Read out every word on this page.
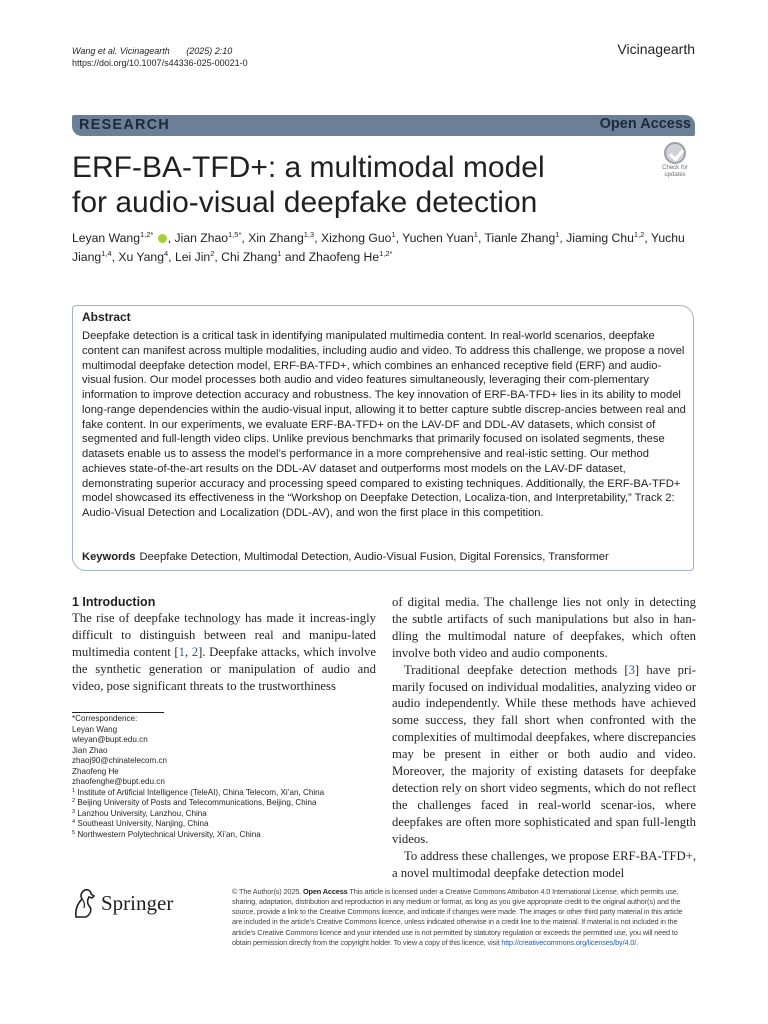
Wang et al. Vicinagearth (2025) 2:10
https://doi.org/10.1007/s44336-025-00021-0
Vicinagearth
RESEARCH	Open Access
ERF-BA-TFD+: a multimodal model
for audio-visual deepfake detection
Check for
updates
Leyan Wang$^{1,2*}$ , Jian Zhao$^{1,5*}$, Xin Zhang$^{1,3}$, Xizhong Guo$^1$, Yuchen Yuan$^1$, Tianle Zhang$^1$, Jiaming Chu$^{1,2}$, Yuchu Jiang$^{1,4}$, Xu Yang$^4$, Lei Jin$^2$, Chi Zhang$^1$ and Zhaofeng $He^{1,2*}$
Abstract
Deepfake detection is a critical task in identifying manipulated multimedia content. In real-world scenarios, deepfake content can manifest across multiple modalities, including audio and video. To address this challenge, we propose a novel multimodal deepfake detection model, ERF-BA-TFD+, which combines an enhanced receptive field (ERF) and audio-visual fusion. Our model processes both audio and video features simultaneously, leveraging their com-plementary information to improve detection accuracy and robustness. The key innovation of ERF-BA-TFD+ lies in its ability to model long-range dependencies within the audio-visual input, allowing it to better capture subtle discrep-ancies between real and fake content. In our experiments, we evaluate ERF-BA-TFD+ on the LAV-DF and DDL-AV datasets, which consist of segmented and full-length video clips. Unlike previous benchmarks that primarily focused on isolated segments, these datasets enable us to assess the model’s performance in a more comprehensive and real-istic setting. Our method achieves state-of-the-art results on the DDL-AV dataset and outperforms most models on the LAV-DF dataset, demonstrating superior accuracy and processing speed compared to existing techniques. Additionally, the ERF-BA-TFD+ model showcased its effectiveness in the “Workshop on Deepfake Detection, Localiza-tion, and Interpretability,” Track 2: Audio-Visual Detection and Localization (DDL-AV), and won the first place in this competition.
Keywords Deepfake Detection, Multimodal Detection, Audio-Visual Fusion, Digital Forensics, Transformer
1 Introduction

The rise of deepfake technology has made it increas-ingly difficult to distinguish between real and manipu-lated multimedia content [1, 2]. Deepfake attacks, which involve the synthetic generation or manipulation of audio and video, pose significant threats to the trustworthiness

of digital media. The challenge lies not only in detecting the subtle artifacts of such manipulations but also in han-dling the multimodal nature of deepfakes, which often involve both video and audio components.

Traditional deepfake detection methods [3] have pri-marily focused on individual modalities, analyzing video or audio independently. While these methods have achieved some success, they fall short when confronted with the complexities of multimodal deepfakes, where discrepancies may be present in either or both audio and video. Moreover, the majority of existing datasets for deepfake detection rely on short video segments, which do not reflect the challenges faced in real-world scenar-ios, where deepfakes are often more sophisticated and span full-length videos.

To address these challenges, we propose ERF-BA-TFD+, a novel multimodal deepfake detection model

*Correspondence:
Leyan Wang
wleyan@bupt.edu.cn
Jian Zhao
zhaoj90@chinatelecom.cn
Zhaofeng He
zhaofenghe@bupt.edu.cn
$^1$ Institute of Artificial Intelligence (TeleAI), China Telecom, Xi’an, China
$^2$ Beijing University of Posts and Telecommunications, Beijing, China
$^3$ Lanzhou University, Lanzhou, China
$^4$ Southeast University, Nanjing, China
$^5$ Northwestern Polytechnical University, Xi’an, China
Springer	© The Author(s) 2025. Open Access This article is licensed under a Creative Commons Attribution 4.0 International License, which permits use, sharing, adaptation, distribution and reproduction in any medium or format, as long as you give appropriate credit to the original author(s) and the source, provide a link to the Creative Commons licence, and indicate if changes were made. The images or other third party material in this article are included in the article’s Creative Commons licence, unless indicated otherwise in a credit line to the material. If material is not included in the article’s Creative Commons licence and your intended use is not permitted by statutory regulation or exceeds the permitted use, you will need to obtain permission directly from the copyright holder. To view a copy of this licence, visit http://creativecommons.org/licenses/by/4.0/.
